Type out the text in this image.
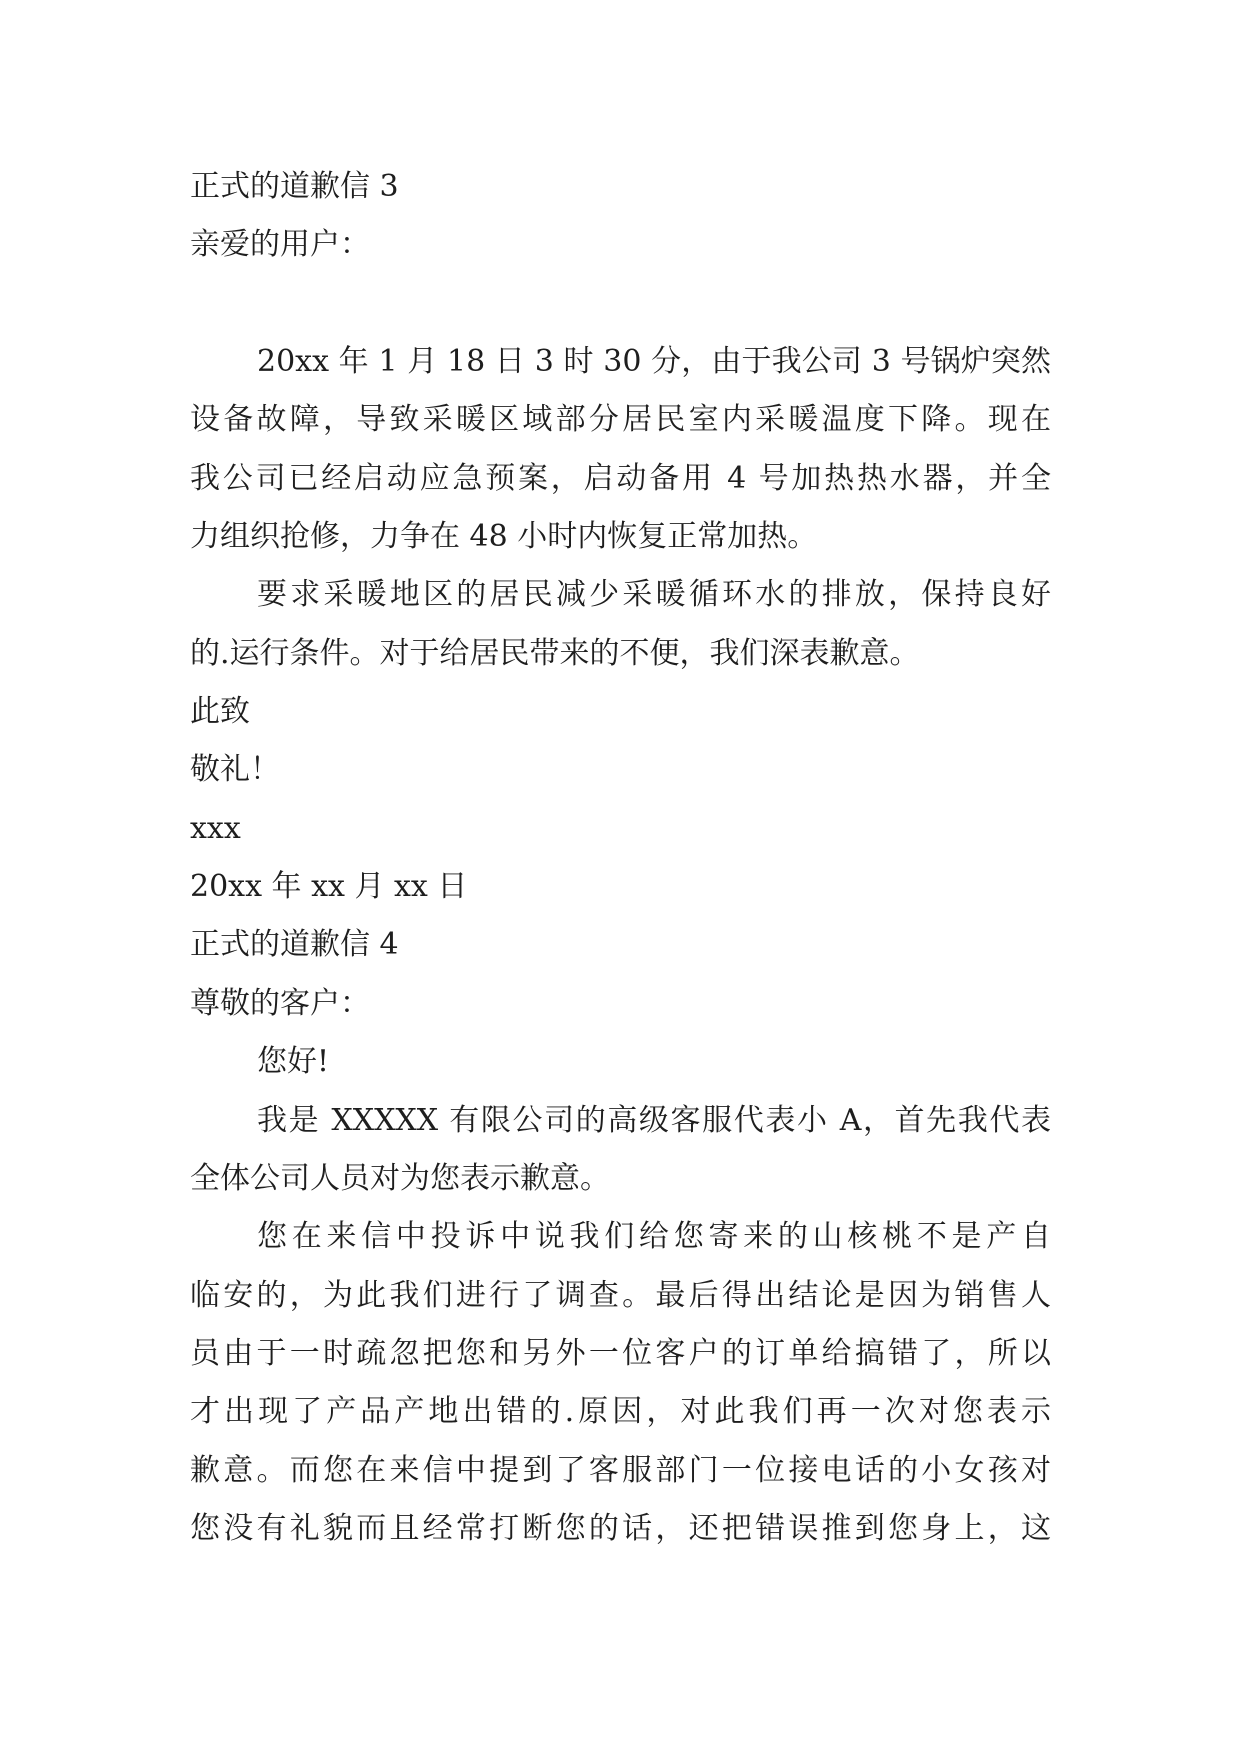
正式的道歉信 3
亲爱的用户：
20xx 年 1 月 18 日 3 时 30 分，由于我公司 3 号锅炉突然
设备故障，导致采暖区域部分居民室内采暖温度下降。现在
我公司已经启动应急预案，启动备用 4 号加热热水器，并全
力组织抢修，力争在 48 小时内恢复正常加热。
要求采暖地区的居民减少采暖循环水的排放，保持良好
的.运行条件。对于给居民带来的不便，我们深表歉意。
此致
敬礼！
xxx
20xx 年 xx 月 xx 日
正式的道歉信 4
尊敬的客户：
您好!
我是 XXXXX 有限公司的高级客服代表小 A，首先我代表
全体公司人员对为您表示歉意。
您在来信中投诉中说我们给您寄来的山核桃不是产自
临安的，为此我们进行了调查。最后得出结论是因为销售人
员由于一时疏忽把您和另外一位客户的订单给搞错了，所以
才出现了产品产地出错的.原因，对此我们再一次对您表示
歉意。而您在来信中提到了客服部门一位接电话的小女孩对
您没有礼貌而且经常打断您的话，还把错误推到您身上，这
